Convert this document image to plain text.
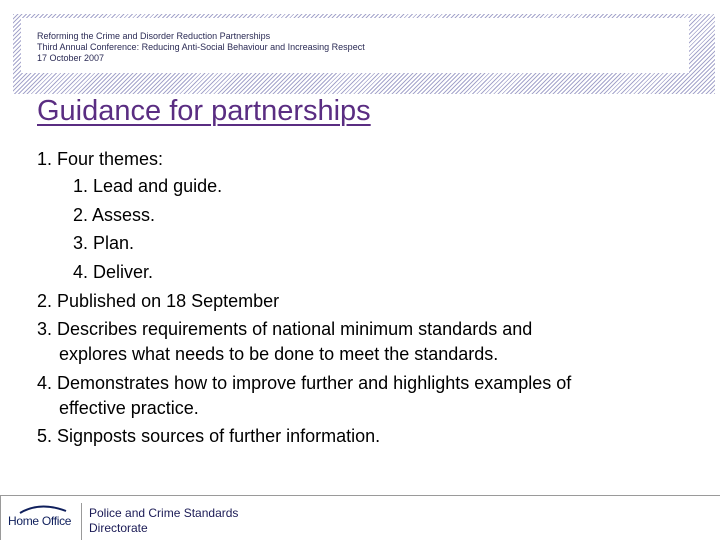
Reforming the Crime and Disorder Reduction Partnerships
Third Annual Conference: Reducing Anti-Social Behaviour and Increasing Respect
17 October 2007
Guidance for partnerships
1. Four themes:
1. Lead and guide.
2. Assess.
3. Plan.
4. Deliver.
2. Published on 18 September
3. Describes requirements of national minimum standards and
explores what needs to be done to meet the standards.
4. Demonstrates how to improve further and highlights examples of
effective practice.
5. Signposts sources of further information.
Home Office
Police and Crime Standards
Directorate
